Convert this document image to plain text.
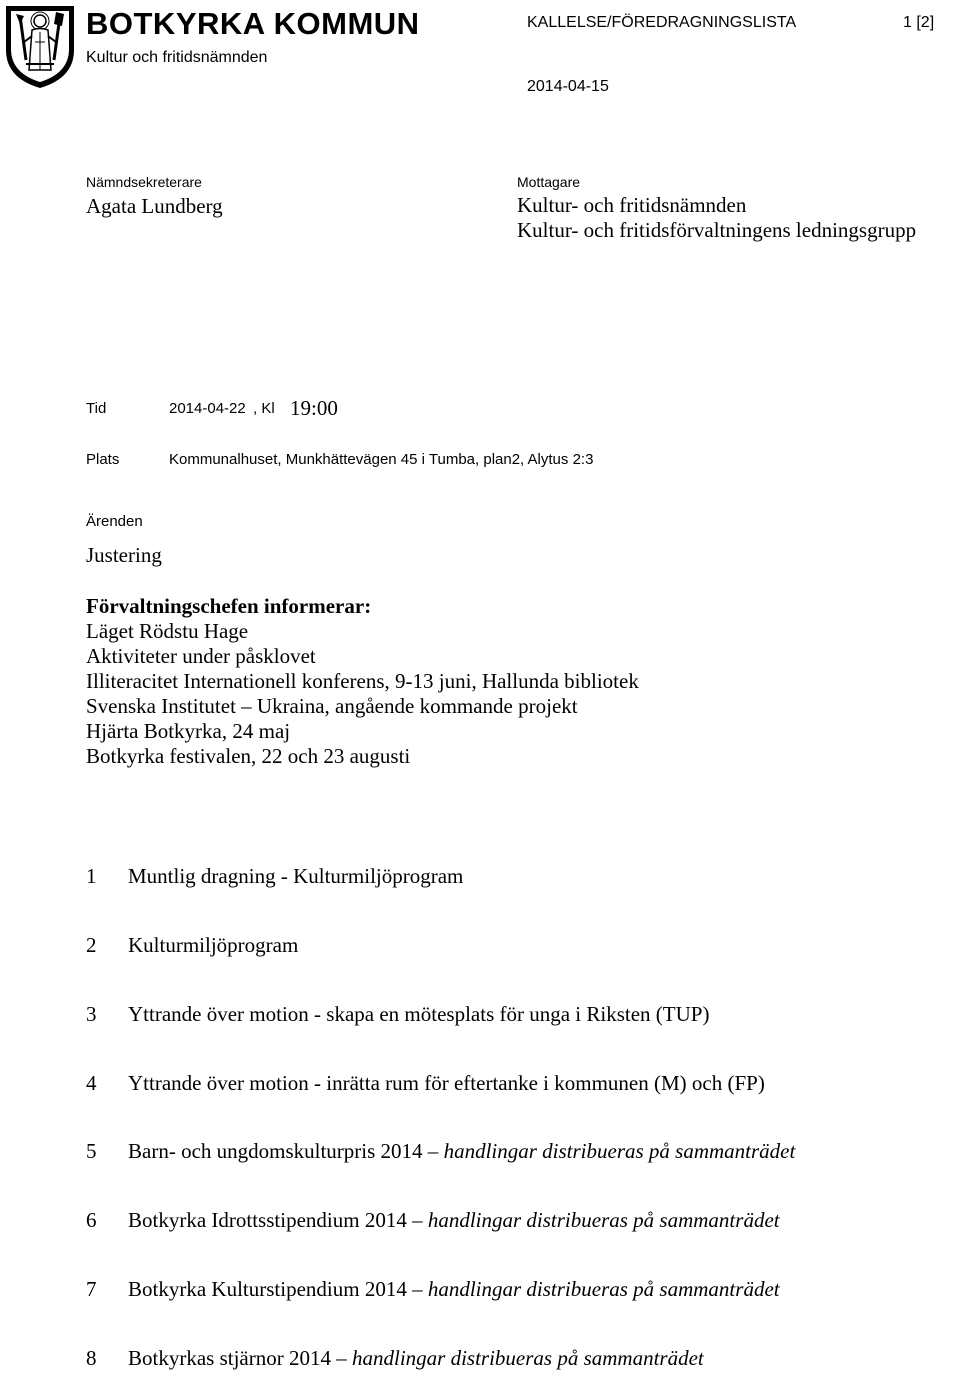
BOTKYRKA KOMMUN
Kultur och fritidsnämnden
KALLELSE/FÖREDRAGNINGSLISTA	1 [2]
2014-04-15
Nämndsekreterare
Agata Lundberg
Mottagare
Kultur- och fritidsnämnden
Kultur- och fritidsförvaltningens ledningsgrupp
Tid	2014-04-22 , Kl 19:00
Plats	Kommunalhuset, Munkhättevägen 45 i Tumba, plan2, Alytus 2:3
Ärenden
Justering
Förvaltningschefen informerar:
Läget Rödstu Hage
Aktiviteter under påsklovet
Illiteracitet Internationell konferens, 9-13 juni, Hallunda bibliotek
Svenska Institutet – Ukraina, angående kommande projekt
Hjärta Botkyrka, 24 maj
Botkyrka festivalen, 22 och 23 augusti
1 Muntlig dragning - Kulturmiljöprogram
2 Kulturmiljöprogram
3 Yttrande över motion - skapa en mötesplats för unga i Riksten (TUP)
4 Yttrande över motion - inrätta rum för eftertanke i kommunen (M) och (FP)
5 Barn- och ungdomskulturpris 2014 – handlingar distribueras på sammanträdet
6 Botkyrka Idrottsstipendium 2014 – handlingar distribueras på sammanträdet
7 Botkyrka Kulturstipendium 2014 – handlingar distribueras på sammanträdet
8 Botkyrkas stjärnor 2014 – handlingar distribueras på sammanträdet
